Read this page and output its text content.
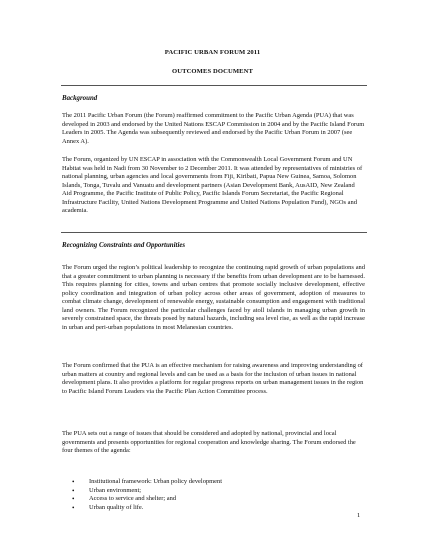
PACIFIC URBAN FORUM 2011
OUTCOMES DOCUMENT
Background

The 2011 Pacific Urban Forum (the Forum) reaffirmed commitment to the Pacific Urban Agenda (PUA) that was developed in 2003 and endorsed by the United Nations ESCAP Commission in 2004 and by the Pacific Island Forum Leaders in 2005. The Agenda was subsequently reviewed and endorsed by the Pacific Urban Forum in 2007 (see Annex A).

The Forum, organized by UN ESCAP in association with the Commonwealth Local Government Forum and UN Habitat was held in Nadi from 30 November to 2 December 2011. It was attended by representatives of ministries of national planning, urban agencies and local governments from Fiji, Kiribati, Papua New Guinea, Samoa, Solomon Islands, Tonga, Tuvalu and Vanuatu and development partners (Asian Development Bank, AusAID, New Zealand Aid Programme, the Pacific Institute of Public Policy, Pacific Islands Forum Secretariat, the Pacific Regional Infrastructure Facility, United Nations Development Programme and United Nations Population Fund), NGOs and academia.

Recognizing Constraints and Opportunities

The Forum urged the region’s political leadership to recognize the continuing rapid growth of urban populations and that a greater commitment to urban planning is necessary if the benefits from urban development are to be harnessed. This requires planning for cities, towns and urban centres that promote socially inclusive development, effective policy coordination and integration of urban policy across other areas of government, adoption of measures to combat climate change, development of renewable energy, sustainable consumption and engagement with traditional land owners. The Forum recognized the particular challenges faced by atoll islands in managing urban growth in severely constrained space, the threats posed by natural hazards, including sea level rise, as well as the rapid increase in urban and peri-urban populations in most Melanesian countries.

The Forum confirmed that the PUA is an effective mechanism for raising awareness and improving understanding of urban matters at country and regional levels and can be used as a basis for the inclusion of urban issues in national development plans. It also provides a platform for regular progress reports on urban management issues in the region to Pacific Island Forum Leaders via the Pacific Plan Action Committee process.

The PUA sets out a range of issues that should be considered and adopted by national, provincial and local governments and presents opportunities for regional cooperation and knowledge sharing. The Forum endorsed the four themes of the agenda:

• Institutional framework: Urban policy development
• Urban environment;
• Access to service and shelter; and
• Urban quality of life.
1
